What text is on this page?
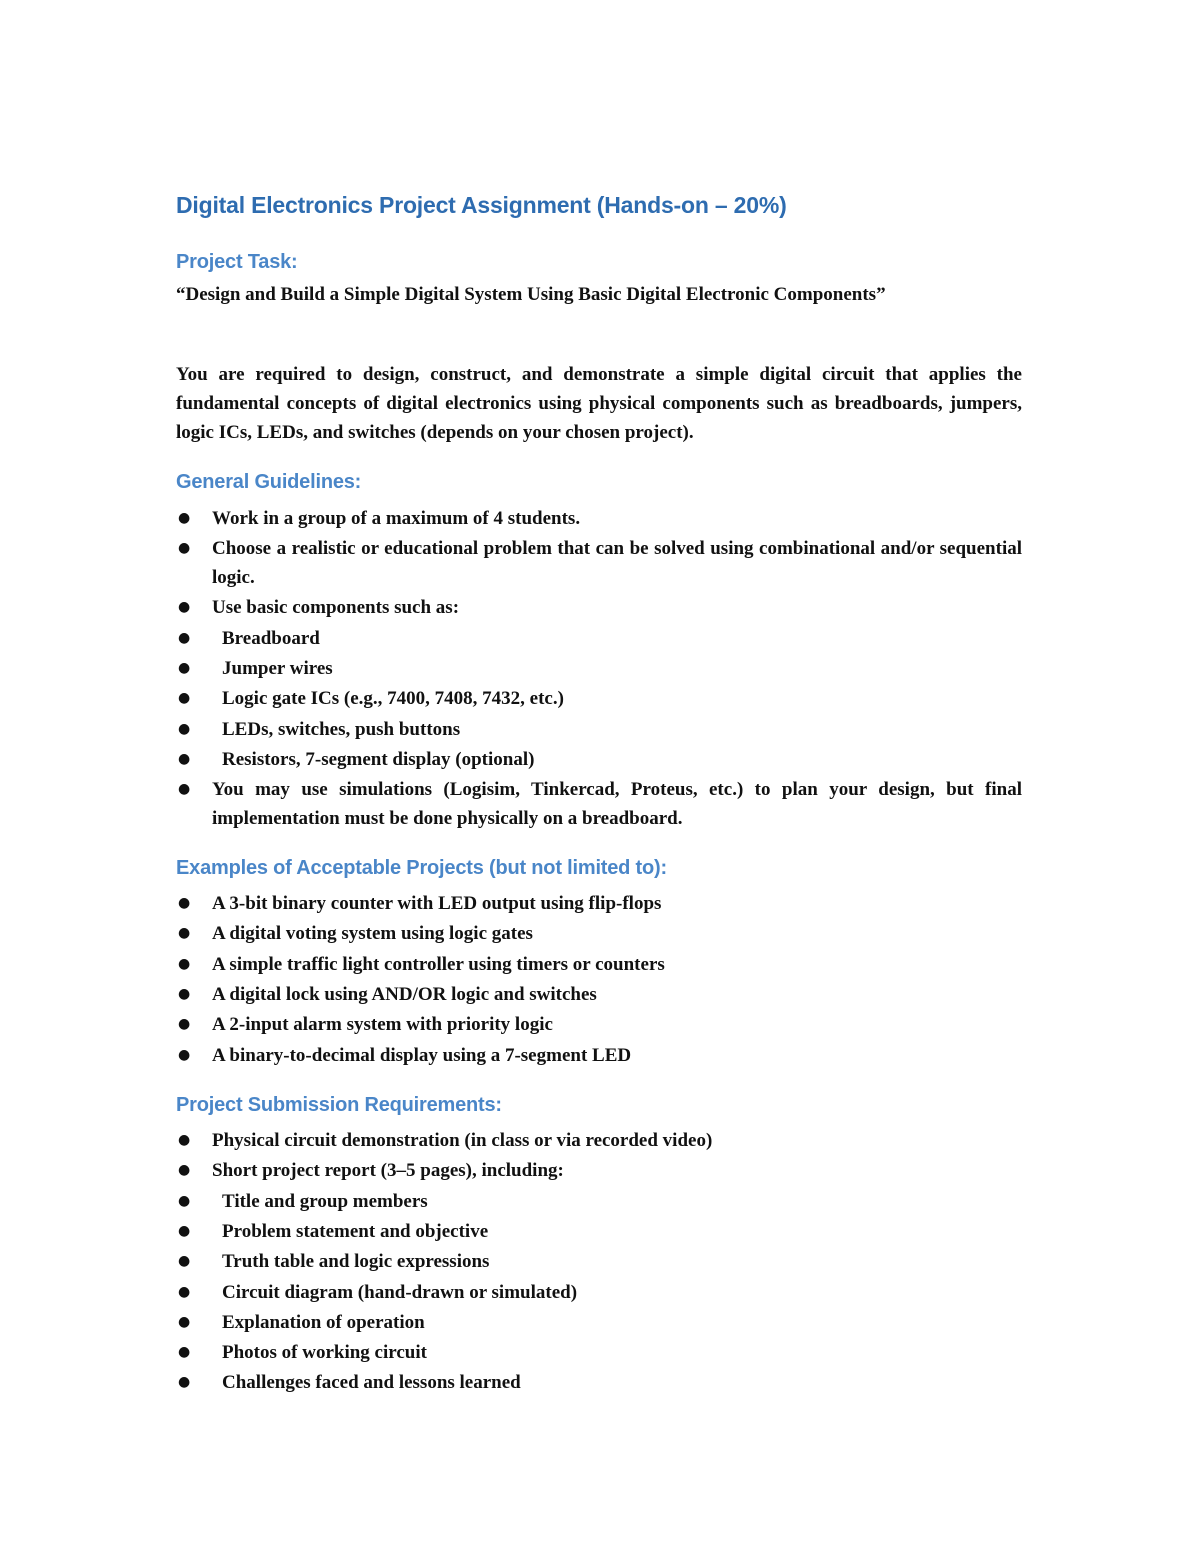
Digital Electronics Project Assignment (Hands-on – 20%)
Project Task:
“Design and Build a Simple Digital System Using Basic Digital Electronic Components”
You are required to design, construct, and demonstrate a simple digital circuit that applies the fundamental concepts of digital electronics using physical components such as breadboards, jumpers, logic ICs, LEDs, and switches (depends on your chosen project).
General Guidelines:
● Work in a group of a maximum of 4 students.
● Choose a realistic or educational problem that can be solved using combinational and/or sequential logic.
● Use basic components such as:
● Breadboard
● Jumper wires
● Logic gate ICs (e.g., 7400, 7408, 7432, etc.)
● LEDs, switches, push buttons
● Resistors, 7-segment display (optional)
● You may use simulations (Logisim, Tinkercad, Proteus, etc.) to plan your design, but final implementation must be done physically on a breadboard.
Examples of Acceptable Projects (but not limited to):
● A 3-bit binary counter with LED output using flip-flops
● A digital voting system using logic gates
● A simple traffic light controller using timers or counters
● A digital lock using AND/OR logic and switches
● A 2-input alarm system with priority logic
● A binary-to-decimal display using a 7-segment LED
Project Submission Requirements:
● Physical circuit demonstration (in class or via recorded video)
● Short project report (3–5 pages), including:
● Title and group members
● Problem statement and objective
● Truth table and logic expressions
● Circuit diagram (hand-drawn or simulated)
● Explanation of operation
● Photos of working circuit
● Challenges faced and lessons learned
